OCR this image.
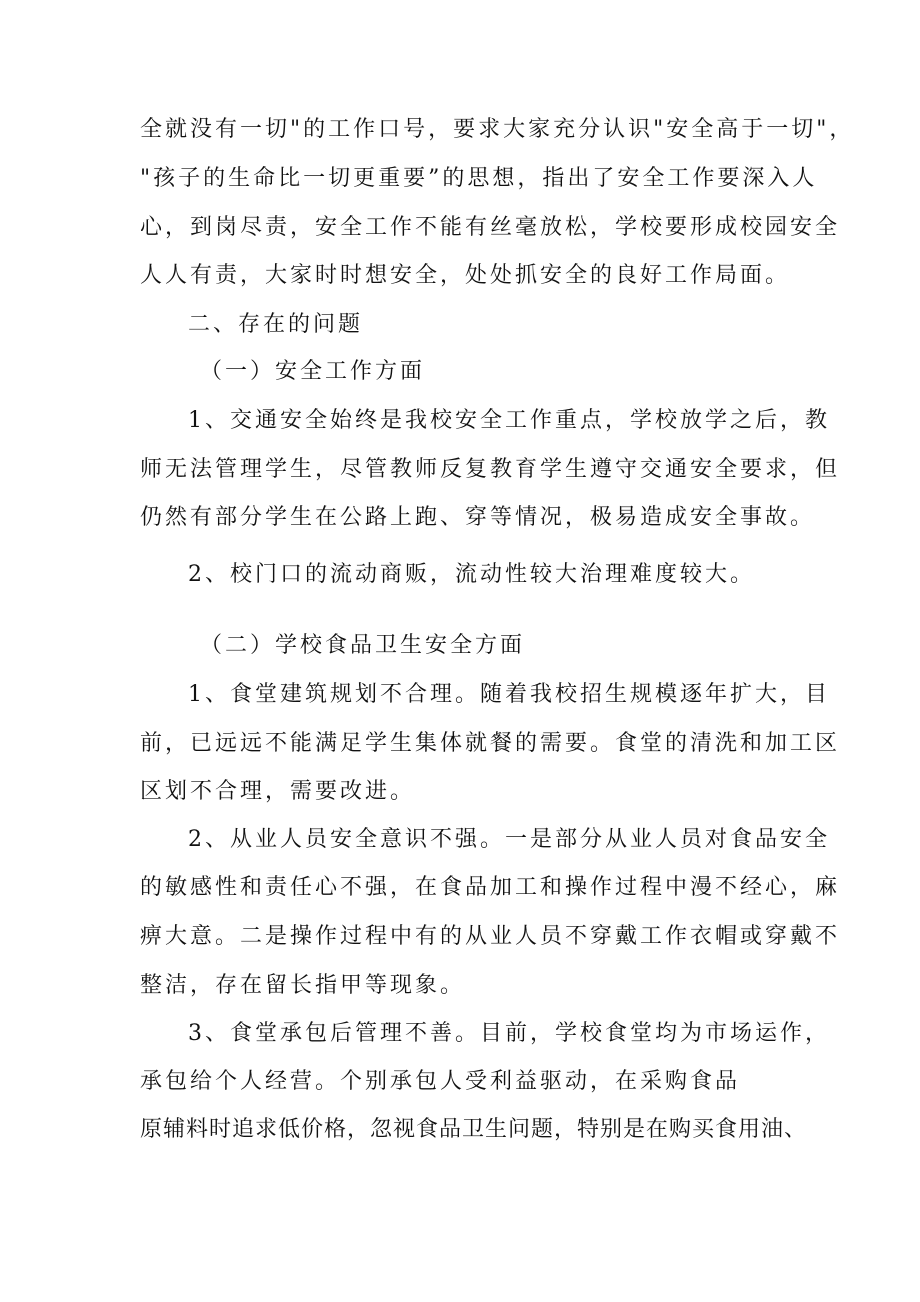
全就没有一切"的工作口号，要求大家充分认识"安全高于一切"，
"孩子的生命比一切更重要”的思想，指出了安全工作要深入人
心，到岗尽责，安全工作不能有丝毫放松，学校要形成校园安全
人人有责，大家时时想安全，处处抓安全的良好工作局面。
二、存在的问题
（一）安全工作方面
1、交通安全始终是我校安全工作重点，学校放学之后，教
师无法管理学生，尽管教师反复教育学生遵守交通安全要求，但
仍然有部分学生在公路上跑、穿等情况，极易造成安全事故。
2、校门口的流动商贩，流动性较大治理难度较大。
（二）学校食品卫生安全方面
1、食堂建筑规划不合理。随着我校招生规模逐年扩大，目
前，已远远不能满足学生集体就餐的需要。食堂的清洗和加工区
区划不合理，需要改进。
2、从业人员安全意识不强。一是部分从业人员对食品安全
的敏感性和责任心不强，在食品加工和操作过程中漫不经心，麻
痹大意。二是操作过程中有的从业人员不穿戴工作衣帽或穿戴不
整洁，存在留长指甲等现象。
3、食堂承包后管理不善。目前，学校食堂均为市场运作，
承包给个人经营。个别承包人受利益驱动，在采购食品
原辅料时追求低价格，忽视食品卫生问题，特别是在购买食用油、
